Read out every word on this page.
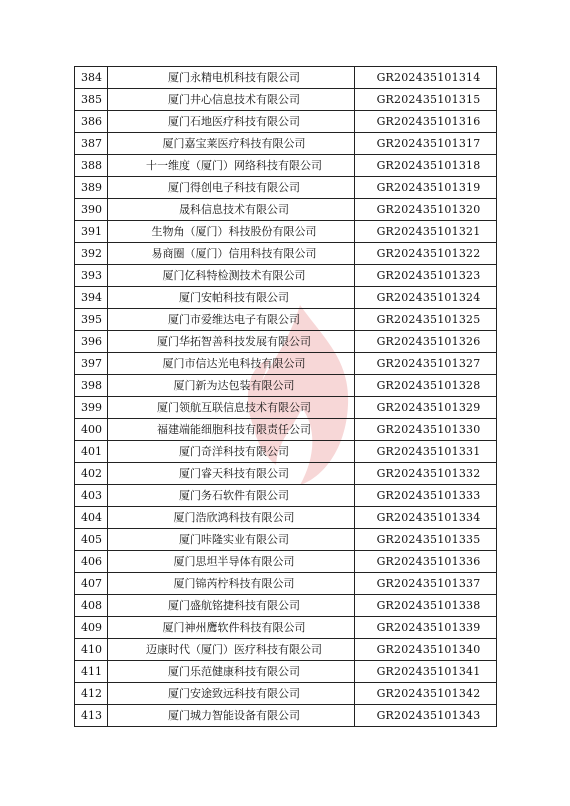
384	厦门永精电机科技有限公司	GR202435101314
385	厦门井心信息技术有限公司	GR202435101315
386	厦门石地医疗科技有限公司	GR202435101316
387	厦门嘉宝莱医疗科技有限公司	GR202435101317
388	十一维度（厦门）网络科技有限公司	GR202435101318
389	厦门得创电子科技有限公司	GR202435101319
390	晟科信息技术有限公司	GR202435101320
391	生物角（厦门）科技股份有限公司	GR202435101321
392	易商圈（厦门）信用科技有限公司	GR202435101322
393	厦门亿科特检测技术有限公司	GR202435101323
394	厦门安帕科技有限公司	GR202435101324
395	厦门市爱维达电子有限公司	GR202435101325
396	厦门华拓智善科技发展有限公司	GR202435101326
397	厦门市信达光电科技有限公司	GR202435101327
398	厦门新为达包装有限公司	GR202435101328
399	厦门领航互联信息技术有限公司	GR202435101329
400	福建端能细胞科技有限责任公司	GR202435101330
401	厦门奇洋科技有限公司	GR202435101331
402	厦门睿天科技有限公司	GR202435101332
403	厦门务石软件有限公司	GR202435101333
404	厦门浩欣鸿科技有限公司	GR202435101334
405	厦门咔隆实业有限公司	GR202435101335
406	厦门思坦半导体有限公司	GR202435101336
407	厦门锦芮柠科技有限公司	GR202435101337
408	厦门盛航铭捷科技有限公司	GR202435101338
409	厦门神州鹰软件科技有限公司	GR202435101339
410	迈康时代（厦门）医疗科技有限公司	GR202435101340
411	厦门乐范健康科技有限公司	GR202435101341
412	厦门安途致远科技有限公司	GR202435101342
413	厦门城力智能设备有限公司	GR202435101343
